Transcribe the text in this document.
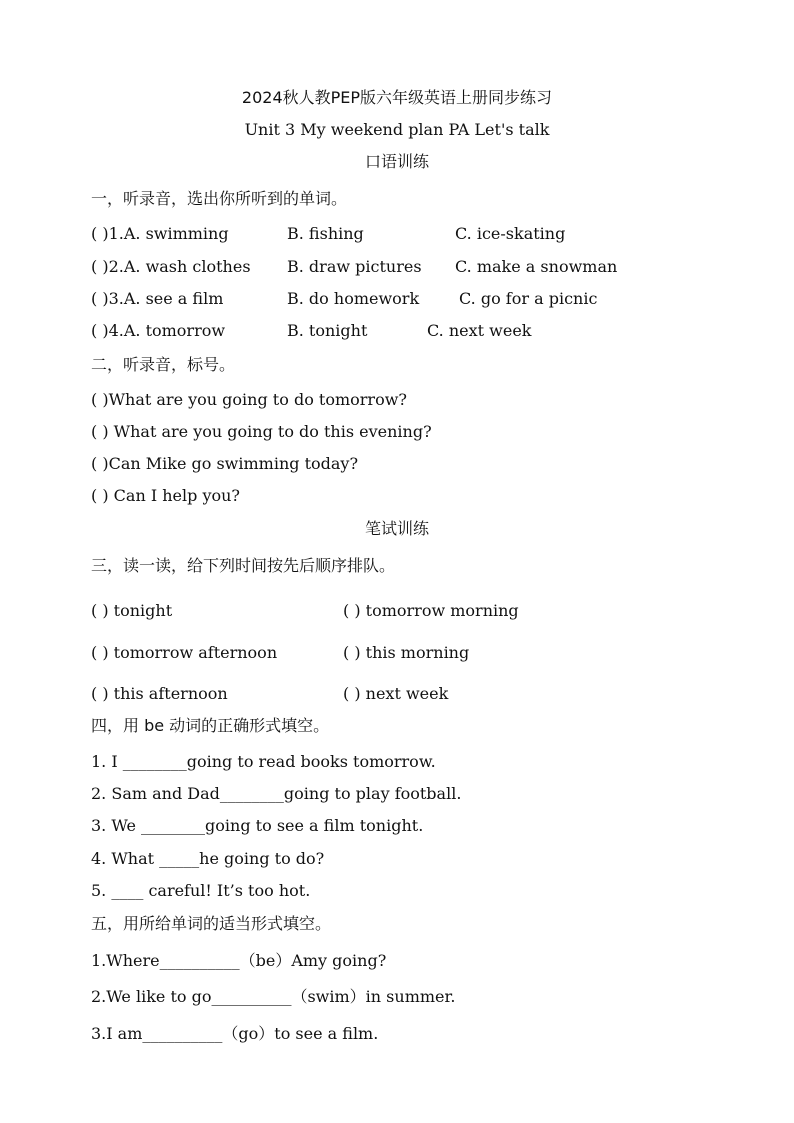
2024秋人教PEP版六年级英语上册同步练习
Unit 3 My weekend plan PA Let's talk
口语训练
一，听录音，选出你所听到的单词。
( )1.A. swimming	B. fishing	C. ice-skating
( )2.A. wash clothes B. draw pictures C. make a snowman
( )3.A. see a film	B. do homework C. go for a picnic
( )4.A. tomorrow	B. tonight	C. next week
二，听录音，标号。
( )What are you going to do tomorrow?
( ) What are you going to do this evening?
( )Can Mike go swimming today?
( ) Can I help you?
笔试训练
三，读一读，给下列时间按先后顺序排队。
( ) tonight	( ) tomorrow morning
( ) tomorrow afternoon	( ) this morning
( ) this afternoon	( ) next week
四，用 be 动词的正确形式填空。
1. I ________going to read books tomorrow.
2. Sam and Dad________going to play football.
3. We ________going to see a film tonight.
4. What _____he going to do?
5. ____ careful! It’s too hot.
五，用所给单词的适当形式填空。
1.Where__________（be）Amy going?
2.We like to go__________（swim）in summer.
3.I am__________（go）to see a film.
